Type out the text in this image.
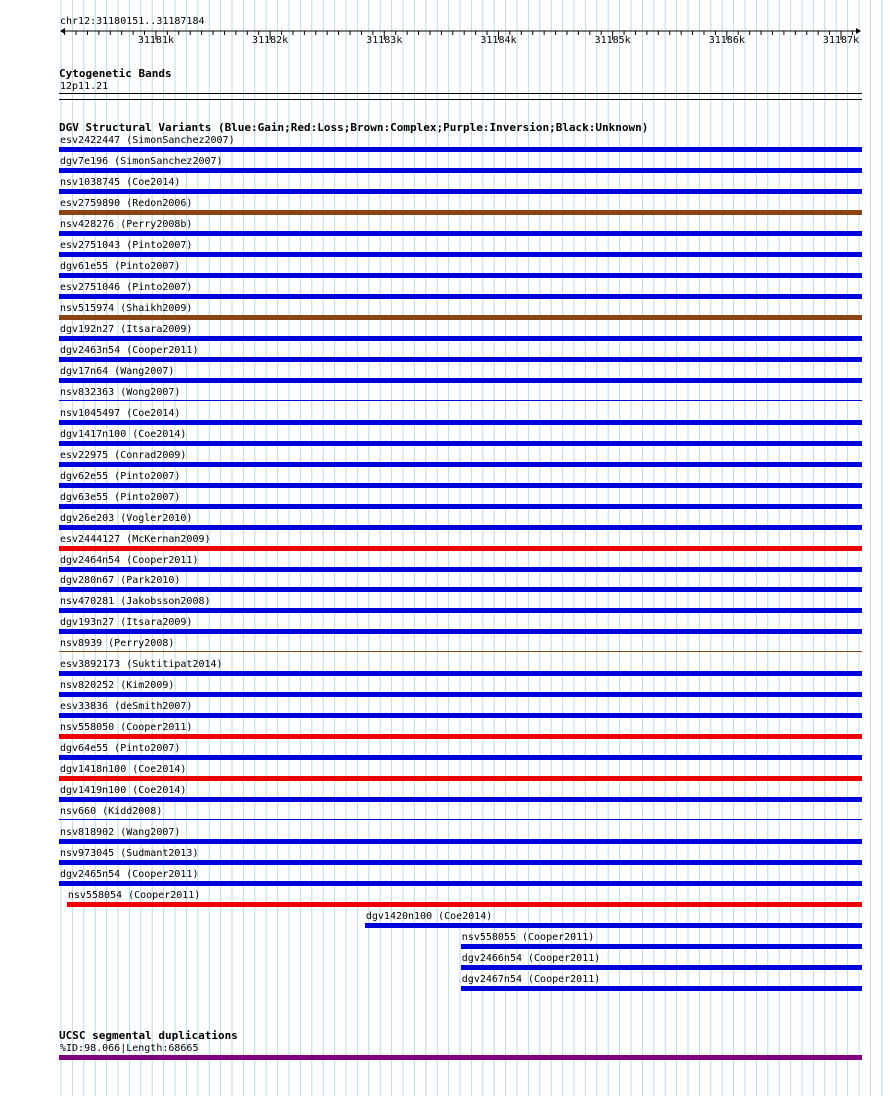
chr12:31180151..31187184
31181k	31182k	31183k	31184k	31185k	31186k	31187k
Cytogenetic Bands
12p11.21
DGV Structural Variants (Blue:Gain;Red:Loss;Brown:Complex;Purple:Inversion;Black:Unknown)
esv2422447 (SimonSanchez2007)
dgv7e196 (SimonSanchez2007)
nsv1038745 (Coe2014)
esv2759890 (Redon2006)
nsv428276 (Perry2008b)
esv2751043 (Pinto2007)
dgv61e55 (Pinto2007)
esv2751046 (Pinto2007)
nsv515974 (Shaikh2009)
dgv192n27 (Itsara2009)
dgv2463n54 (Cooper2011)
dgv17n64 (Wang2007)
nsv832363 (Wong2007)
nsv1045497 (Coe2014)
dgv1417n100 (Coe2014)
esv22975 (Conrad2009)
dgv62e55 (Pinto2007)
dgv63e55 (Pinto2007)
dgv26e203 (Vogler2010)
esv2444127 (McKernan2009)
dgv2464n54 (Cooper2011)
dgv280n67 (Park2010)
nsv470281 (Jakobsson2008)
dgv193n27 (Itsara2009)
nsv8939 (Perry2008)
esv3892173 (Suktitipat2014)
nsv820252 (Kim2009)
esv33836 (deSmith2007)
nsv558050 (Cooper2011)
dgv64e55 (Pinto2007)
dgv1418n100 (Coe2014)
dgv1419n100 (Coe2014)
nsv660 (Kidd2008)
nsv818902 (Wang2007)
nsv973045 (Sudmant2013)
dgv2465n54 (Cooper2011)
nsv558054 (Cooper2011)
dgv1420n100 (Coe2014)
nsv558055 (Cooper2011)
dgv2466n54 (Cooper2011)
dgv2467n54 (Cooper2011)
UCSC segmental duplications
%ID:98.066|Length:68665
